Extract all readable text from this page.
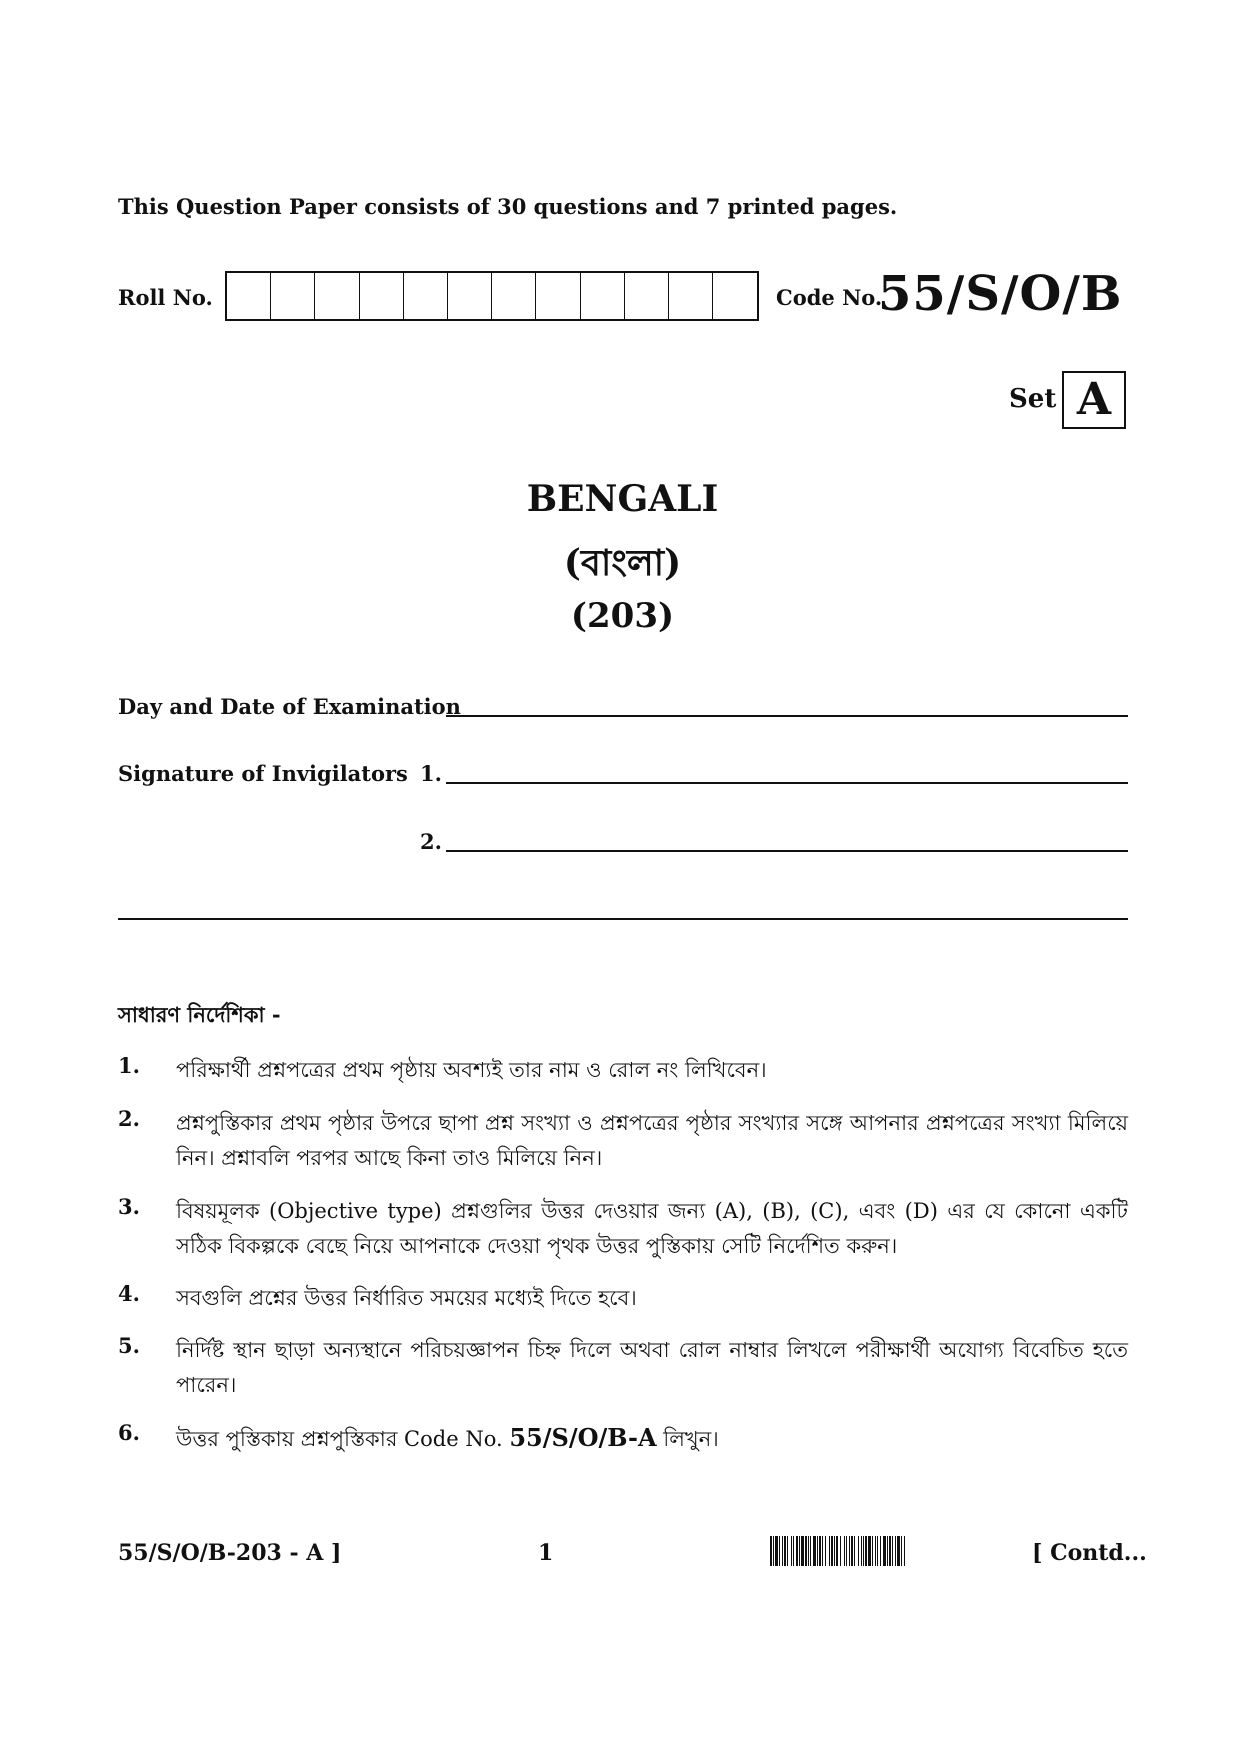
This Question Paper consists of 30 questions and 7 printed pages.
Roll No.	Code No.
55/S/O/B
Set A
BENGALI
(বাংলা)
(203)
Day and Date of Examination
Signature of Invigilators 1.
2.
সাধারণ নির্দেশিকা -
1. পরিক্ষার্থী প্রশ্নপত্রের প্রথম পৃষ্ঠায় অবশ্যই তার নাম ও রোল নং লিখিবেন।
2. প্রশ্নপুস্তিকার প্রথম পৃষ্ঠার উপরে ছাপা প্রশ্ন সংখ্যা ও প্রশ্নপত্রের পৃষ্ঠার সংখ্যার সঙ্গে আপনার প্রশ্নপত্রের সংখ্যা মিলিয়ে নিন। প্রশ্নাবলি পরপর আছে কিনা তাও মিলিয়ে নিন।
3. বিষয়মূলক (Objective type) প্রশ্নগুলির উত্তর দেওয়ার জন্য (A), (B), (C), এবং (D) এর যে কোনো একটি সঠিক বিকল্পকে বেছে নিয়ে আপনাকে দেওয়া পৃথক উত্তর পুস্তিকায় সেটি নির্দেশিত করুন।
4. সবগুলি প্রশ্নের উত্তর নির্ধারিত সময়ের মধ্যেই দিতে হবে।
5. নির্দিষ্ট স্থান ছাড়া অন্যস্থানে পরিচয়জ্ঞাপন চিহ্ন দিলে অথবা রোল নাম্বার লিখলে পরীক্ষার্থী অযোগ্য বিবেচিত হতে পারেন।
6. উত্তর পুস্তিকায় প্রশ্নপুস্তিকার Code No. 55/S/O/B-A লিখুন।
55/S/O/B-203 - A ]	1	[ Contd...
